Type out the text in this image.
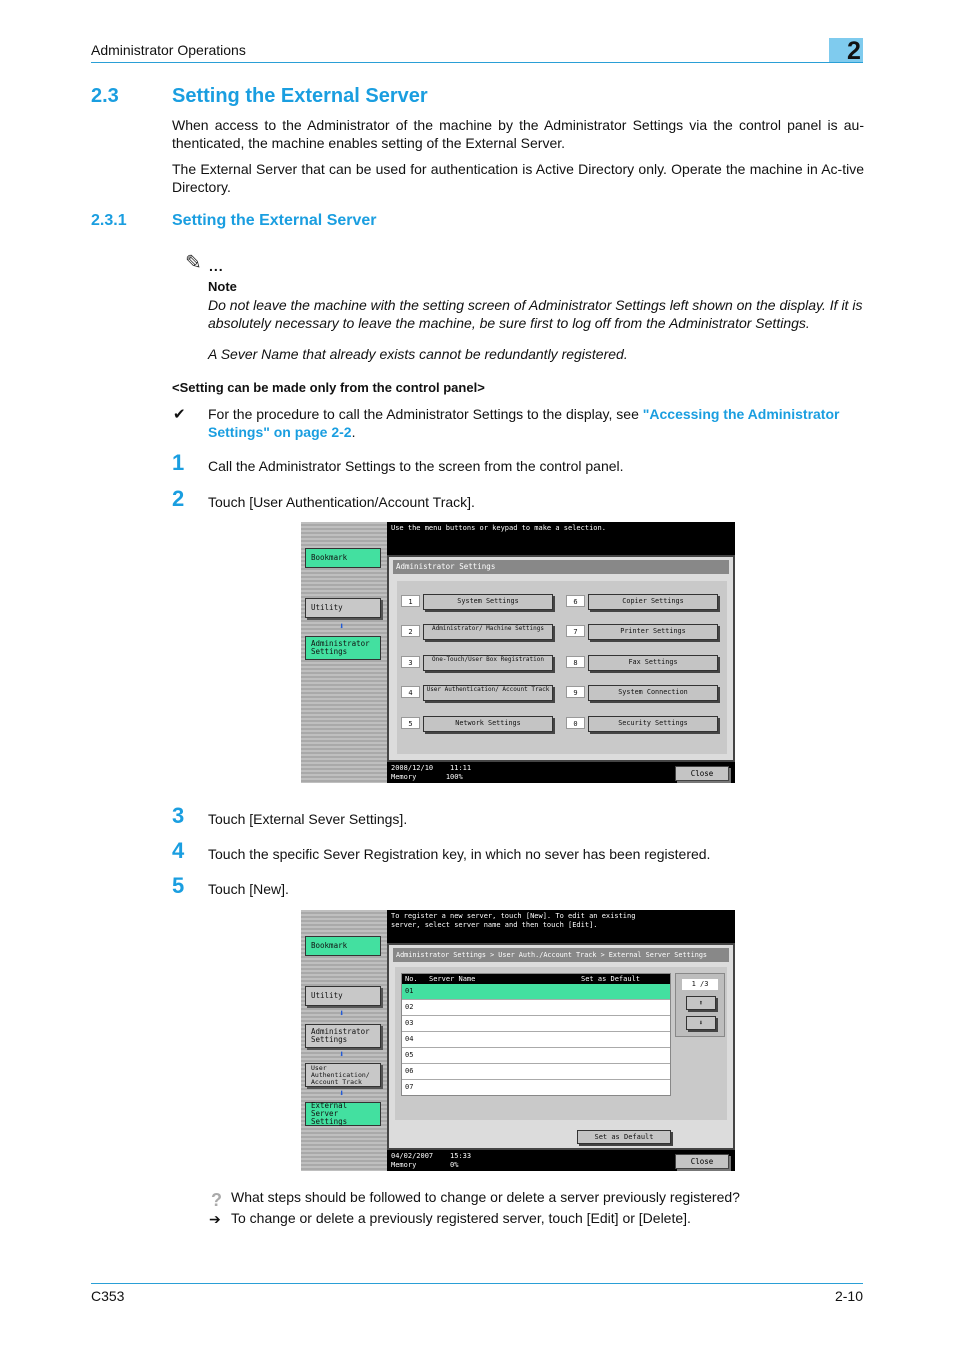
Administrator Operations	2
2.3	Setting the External Server
When access to the Administrator of the machine by the Administrator Settings via the control panel is au-thenticated, the machine enables setting of the External Server.
The External Server that can be used for authentication is Active Directory only. Operate the machine in Ac-tive Directory.
2.3.1	Setting the External Server
✎ ...
Note
Do not leave the machine with the setting screen of Administrator Settings left shown on the display. If it is absolutely necessary to leave the machine, be sure first to log off from the Administrator Settings.
A Sever Name that already exists cannot be redundantly registered.
<Setting can be made only from the control panel>
✔ For the procedure to call the Administrator Settings to the display, see "Accessing the Administrator Settings" on page 2-2.
1 Call the Administrator Settings to the screen from the control panel.
2 Touch [User Authentication/Account Track].
Bookmark
Utility
⬇
Administrator Settings
Use the menu buttons or keypad to make a selection.
Administrator Settings
1	System Settings
2	Administrator/ Machine Settings
3	One-Touch/User Box Registration
4	User Authentication/ Account Track
5	Network Settings
6	Copier Settings
7	Printer Settings
8	Fax Settings
9	System Connection
0	Security Settings
2008/12/10 11:11
Memory	100%	Close
3 Touch [External Sever Settings].
4 Touch the specific Sever Registration key, in which no sever has been registered.
5 Touch [New].
Bookmark
Utility
⬇
Administrator Settings
⬇
User Authentication/ Account Track
⬇
External Server Settings
To register a new server, touch [New]. To edit an existing
server, select server name and then touch [Edit].
Administrator Settings > User Auth./Account Track > External Server Settings
No.	Server Name	Set as Default
01
02
03
04
05
06
07
1 /3
⬆
⬇
Set as Default
04/02/2007 15:33
Memory	0%	Close
? What steps should be followed to change or delete a server previously registered?
➔ To change or delete a previously registered server, touch [Edit] or [Delete].
C353	2-10
